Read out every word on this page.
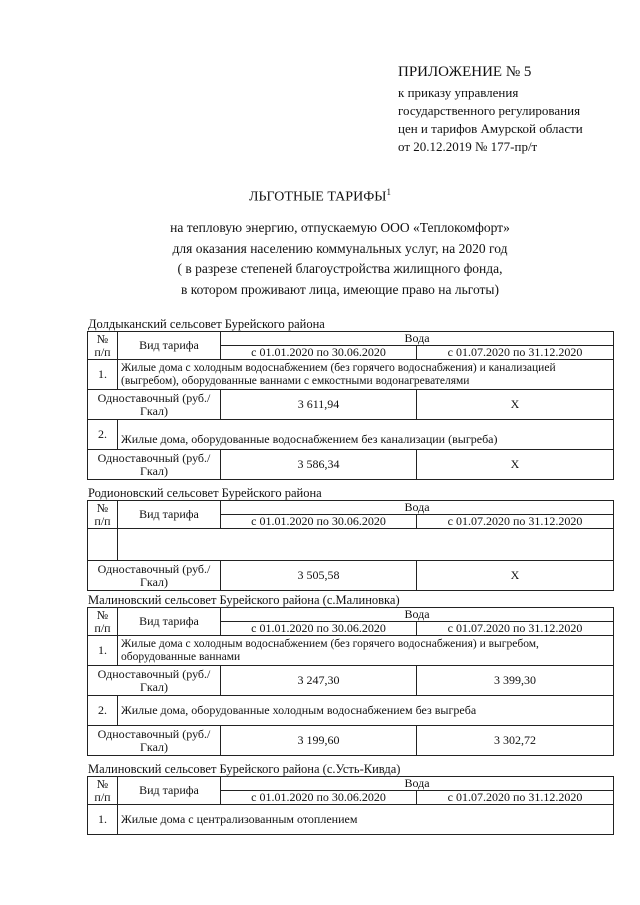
ПРИЛОЖЕНИЕ № 5
к приказу управления
государственного регулирования
цен и тарифов Амурской области
от 20.12.2019 № 177-пр/т
ЛЬГОТНЫЕ ТАРИФЫ$^1$
на тепловую энергию, отпускаемую ООО «Теплокомфорт»
для оказания населению коммунальных услуг, на 2020 год
( в разрезе степеней благоустройства жилищного фонда,
в котором проживают лица, имеющие право на льготы)
Долдыканский сельсовет Бурейского района
№ п/п	Вид тарифа	Вода	
		с 01.01.2020 по 30.06.2020	с 01.07.2020 по 31.12.2020
1.	Жилые дома с холодным водоснабжением (без горячего водоснабжения) и канализацией (выгребом), оборудованные ваннами с емкостными водонагревателями		
Одноставочный (руб./Гкал)		3 611,94	X
2.	Жилые дома, оборудованные водоснабжением без канализации (выгреба)		
Одноставочный (руб./Гкал)		3 586,34	X
Родионовский сельсовет Бурейского района
№ п/п	Вид тарифа	Вода	
		с 01.01.2020 по 30.06.2020	с 01.07.2020 по 31.12.2020

Одноставочный (руб./Гкал)		3 505,58	X
Малиновский сельсовет Бурейского района (с.Малиновка)
№ п/п	Вид тарифа	Вода	
		с 01.01.2020 по 30.06.2020	с 01.07.2020 по 31.12.2020
1.	Жилые дома с холодным водоснабжением (без горячего водоснабжения) и выгребом, оборудованные ваннами		
Одноставочный (руб./Гкал)		3 247,30	3 399,30
2.	Жилые дома, оборудованные холодным водоснабжением без выгреба		
Одноставочный (руб./Гкал)		3 199,60	3 302,72
Малиновский сельсовет Бурейского района (с.Усть-Кивда)
№ п/п	Вид тарифа	Вода	
		с 01.01.2020 по 30.06.2020	с 01.07.2020 по 31.12.2020
1.	Жилые дома с централизованным отоплением		
